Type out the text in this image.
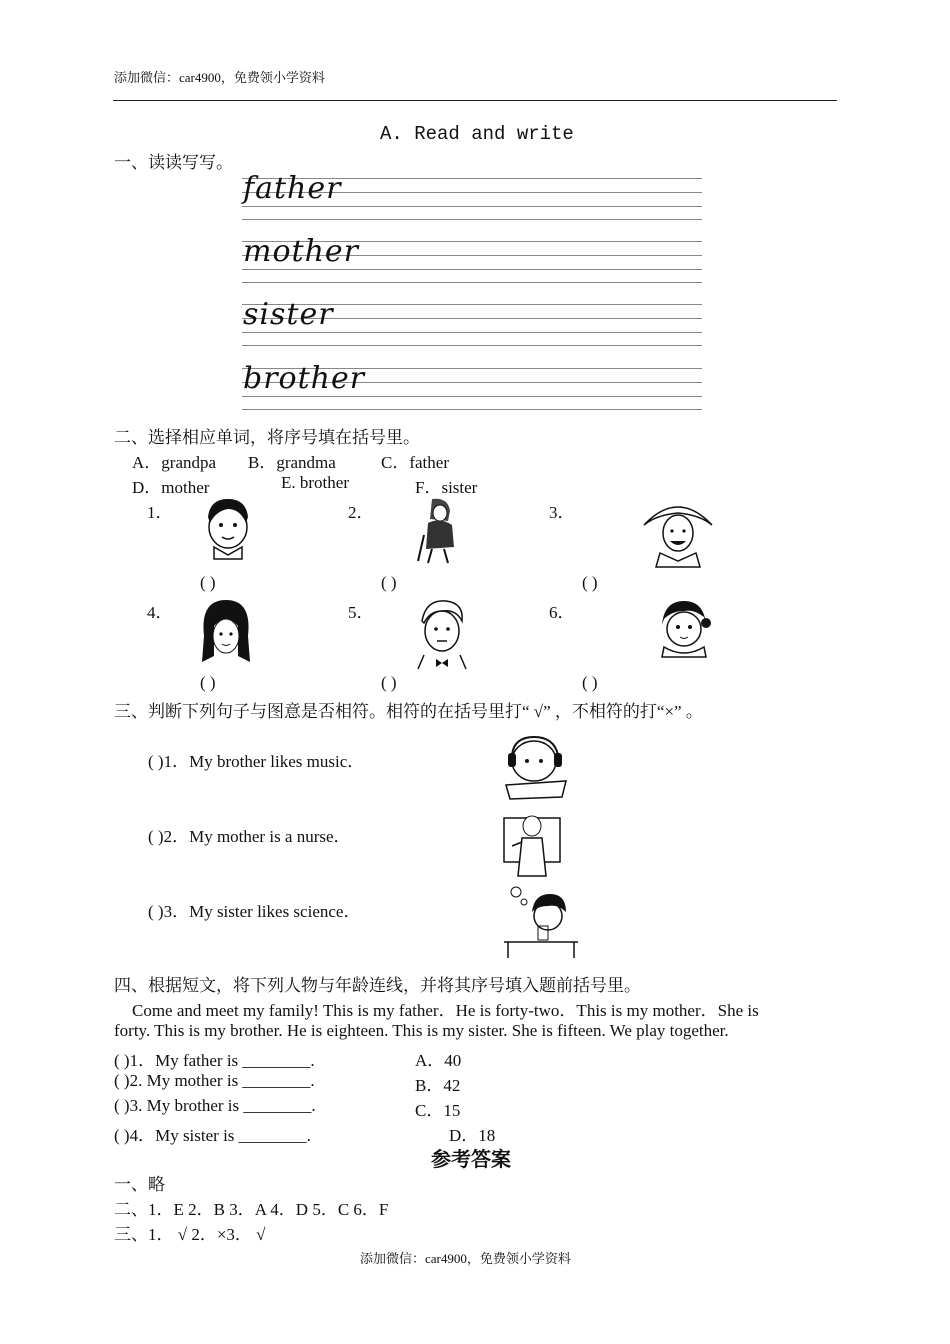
添加微信：car4900，免费领小学资料
A. Read and write
一、读读写写。
father
mother
sister
brother
二、选择相应单词，将序号填在括号里。
A．grandpa B．grandma	C．father
D．mother	E. brother	F．sister
1．	2．	3．
( )	( )	( )
4．	5．	6．
( )	( )	( )
三、判断下列句子与图意是否相符。相符的在括号里打“ √” ，不相符的打“×” 。
( )1．My brother likes music．
( )2．My mother is a nurse．
( )3．My sister likes science．
四、根据短文，将下列人物与年龄连线，并将其序号填入题前括号里。
Come and meet my family! This is my father．He is forty-two．This is my mother．She is
forty. This is my brother. He is eighteen. This is my sister. She is fifteen. We play together.
( )1．My father is ________.	A．40
( )2. My mother is ________.	B．42
( )3. My brother is ________.	C．15
( )4．My sister is ________.	D．18
参考答案
一、略
二、1．E 2．B 3．A 4．D 5．C 6．F
三、1． √ 2．×3． √
添加微信：car4900，免费领小学资料
